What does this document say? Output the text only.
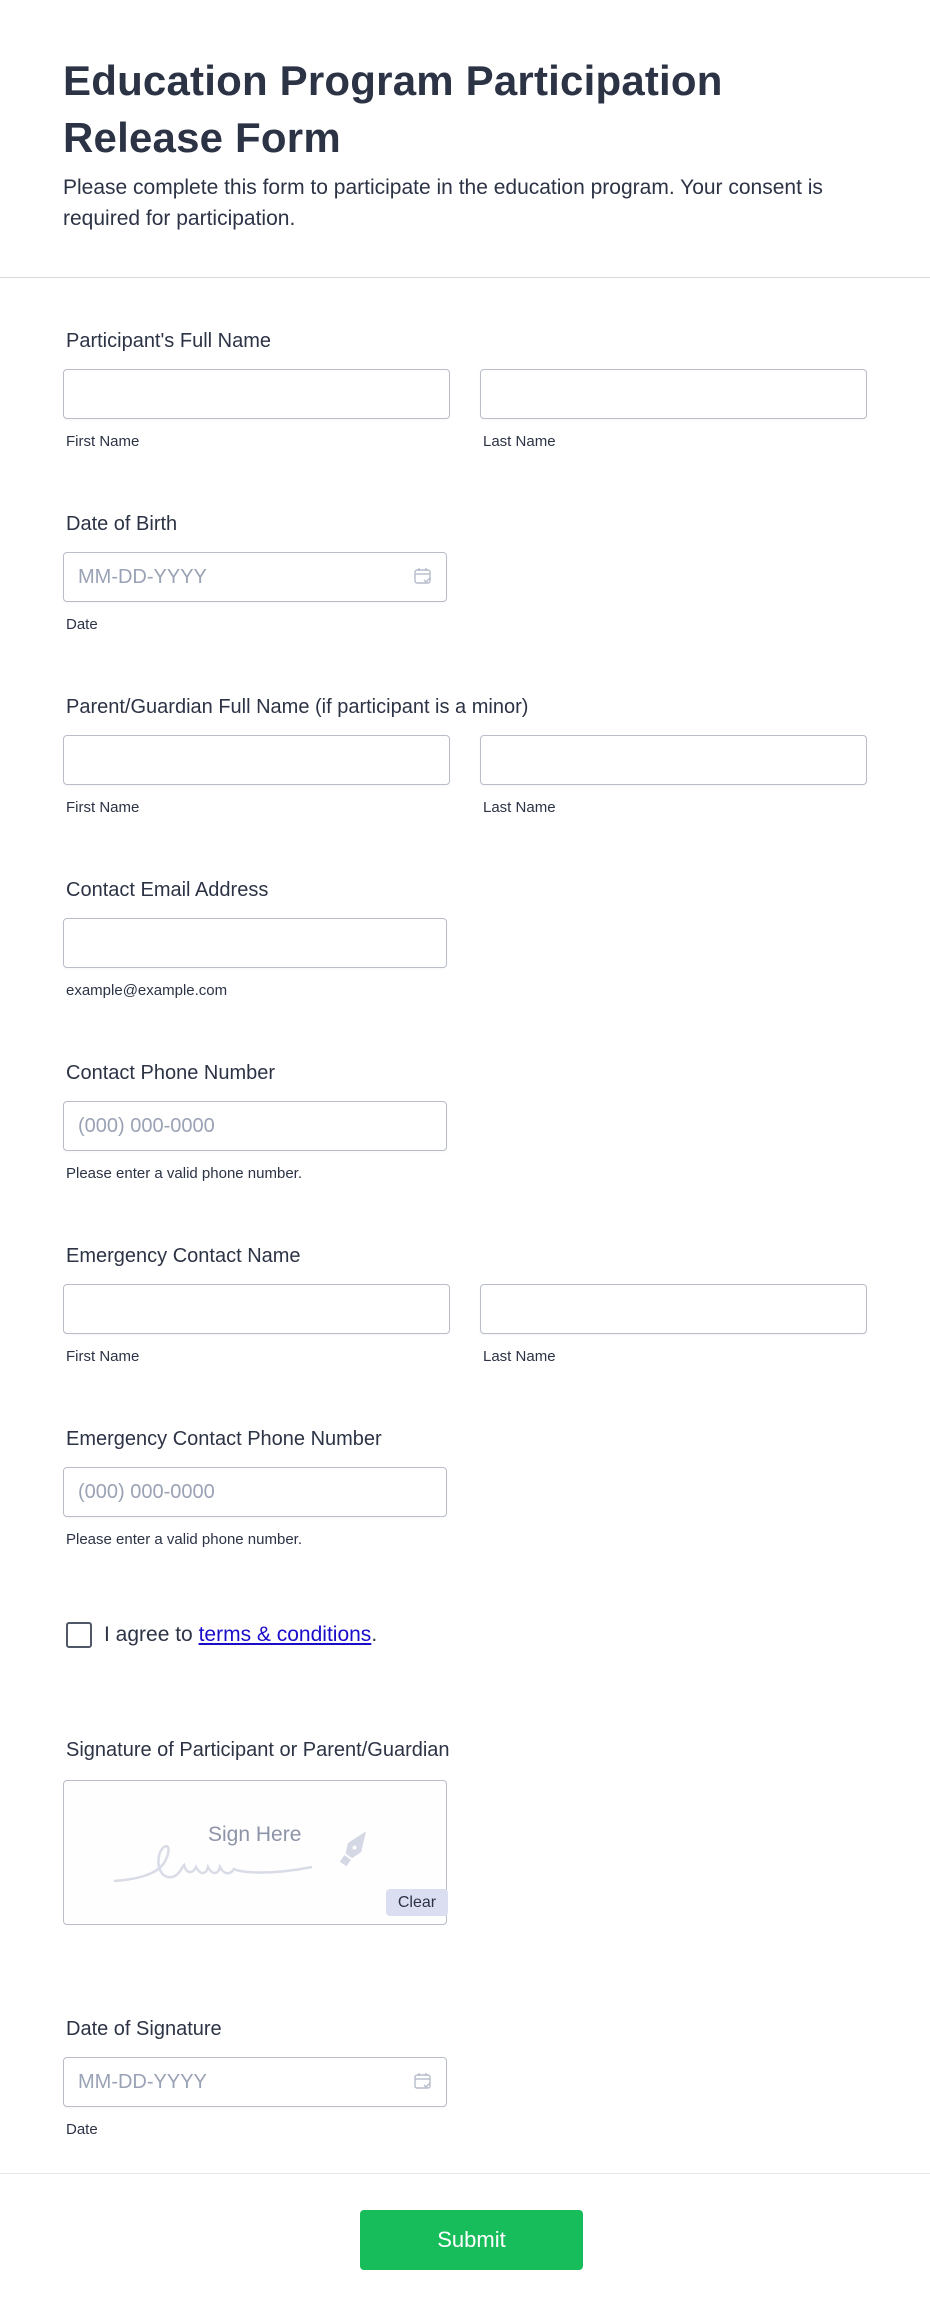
Education Program Participation Release Form

Please complete this form to participate in the education program. Your consent is required for participation.

Participant's Full Name
First Name	Last Name
Date of Birth
MM-DD-YYYY
Date
Parent/Guardian Full Name (if participant is a minor)
First Name	Last Name
Contact Email Address
example@example.com
Contact Phone Number
(000) 000-0000
Please enter a valid phone number.
Emergency Contact Name
First Name	Last Name
Emergency Contact Phone Number
(000) 000-0000
Please enter a valid phone number.
I agree to terms & conditions.
Signature of Participant or Parent/Guardian
Sign Here
Clear
Date of Signature
MM-DD-YYYY
Date
Submit
